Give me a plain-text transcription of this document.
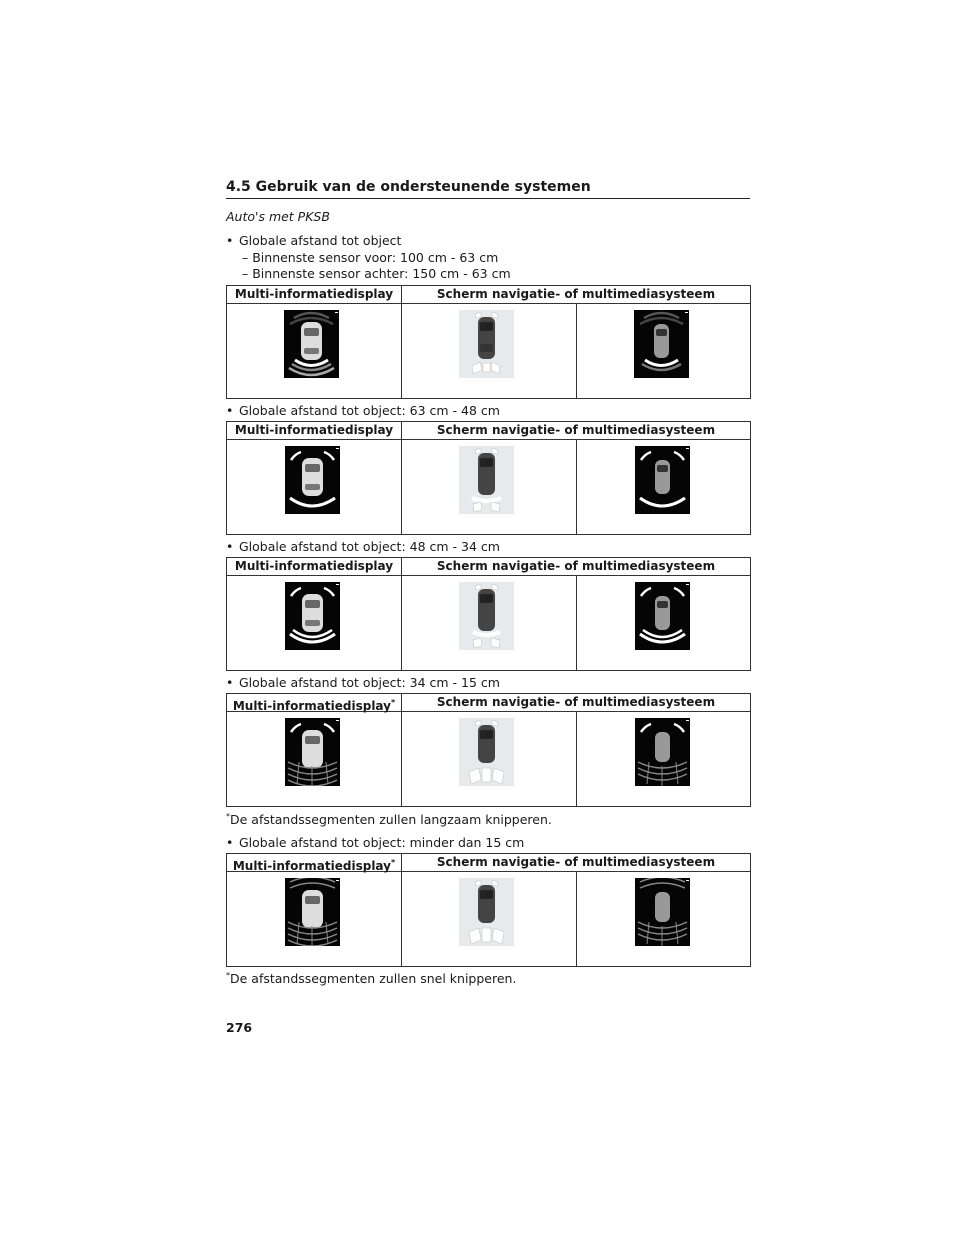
4.5 Gebruik van de ondersteunende systemen
Auto's met PKSB
• Globale afstand tot object
– Binnenste sensor voor: 100 cm - 63 cm
– Binnenste sensor achter: 150 cm - 63 cm
Multi-informatiedisplay	Scherm navigatie- of multimediasysteem
• Globale afstand tot object: 63 cm - 48 cm
Multi-informatiedisplay	Scherm navigatie- of multimediasysteem
• Globale afstand tot object: 48 cm - 34 cm
Multi-informatiedisplay	Scherm navigatie- of multimediasysteem
• Globale afstand tot object: 34 cm - 15 cm
Multi-informatiedisplay*	Scherm navigatie- of multimediasysteem
*De afstandssegmenten zullen langzaam knipperen.
• Globale afstand tot object: minder dan 15 cm
Multi-informatiedisplay*	Scherm navigatie- of multimediasysteem
*De afstandssegmenten zullen snel knipperen.
276
